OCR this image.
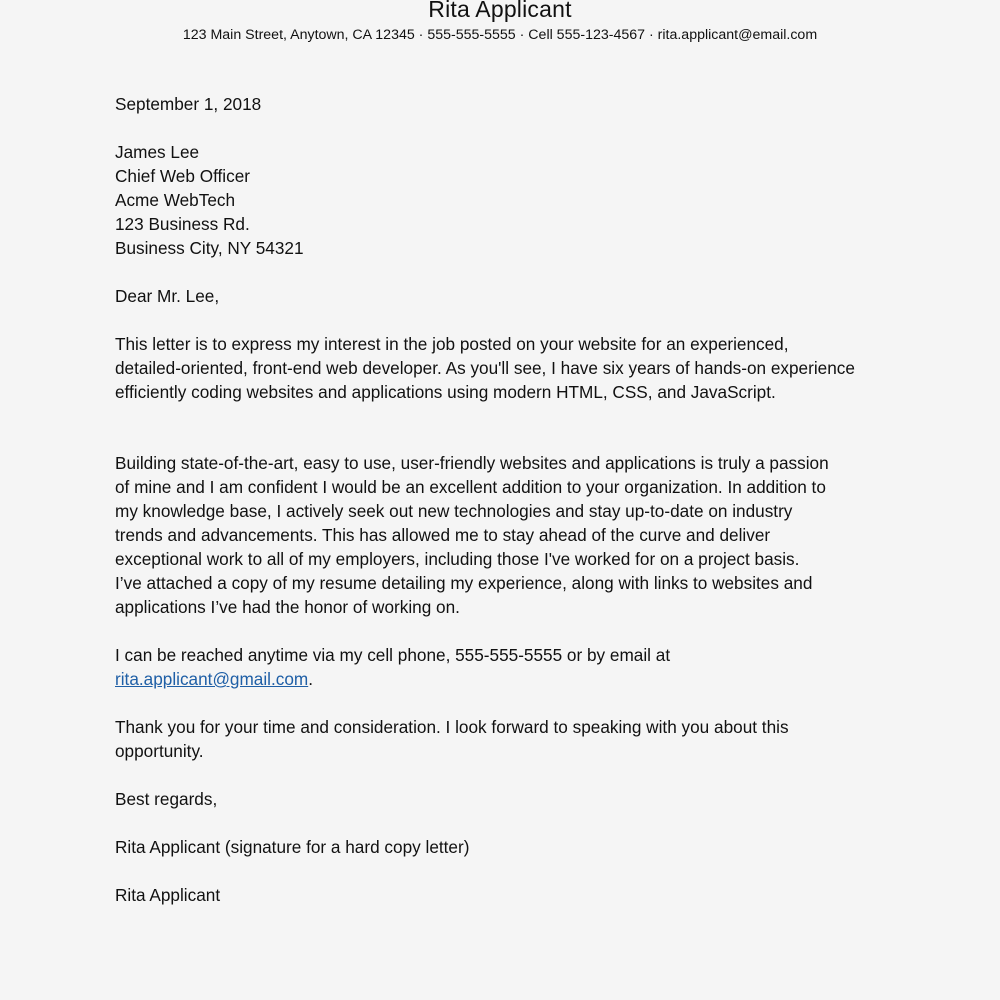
Rita Applicant
123 Main Street, Anytown, CA 12345 · 555-555-5555 · Cell 555-123-4567 · rita.applicant@email.com
September 1, 2018

James Lee

Chief Web Officer

Acme WebTech

123 Business Rd.

Business City, NY 54321

Dear Mr. Lee,
This letter is to express my interest in the job posted on your website for an experienced, detailed-oriented, front-end web developer. As you'll see, I have six years of hands-on experience efficiently coding websites and applications using modern HTML, CSS, and JavaScript.

Building state-of-the-art, easy to use, user-friendly websites and applications is truly a passion

of mine and I am confident I would be an excellent addition to your organization. In addition to

my knowledge base, I actively seek out new technologies and stay up-to-date on industry

trends and advancements. This has allowed me to stay ahead of the curve and deliver

exceptional work to all of my employers, including those I've worked for on a project basis.

I’ve attached a copy of my resume detailing my experience, along with links to websites and

applications I’ve had the honor of working on.

I can be reached anytime via my cell phone, 555-555-5555 or by email at

rita.applicant@gmail.com.

Thank you for your time and consideration. I look forward to speaking with you about this opportunity.
Best regards,
Rita Applicant (signature for a hard copy letter)
Rita Applicant
